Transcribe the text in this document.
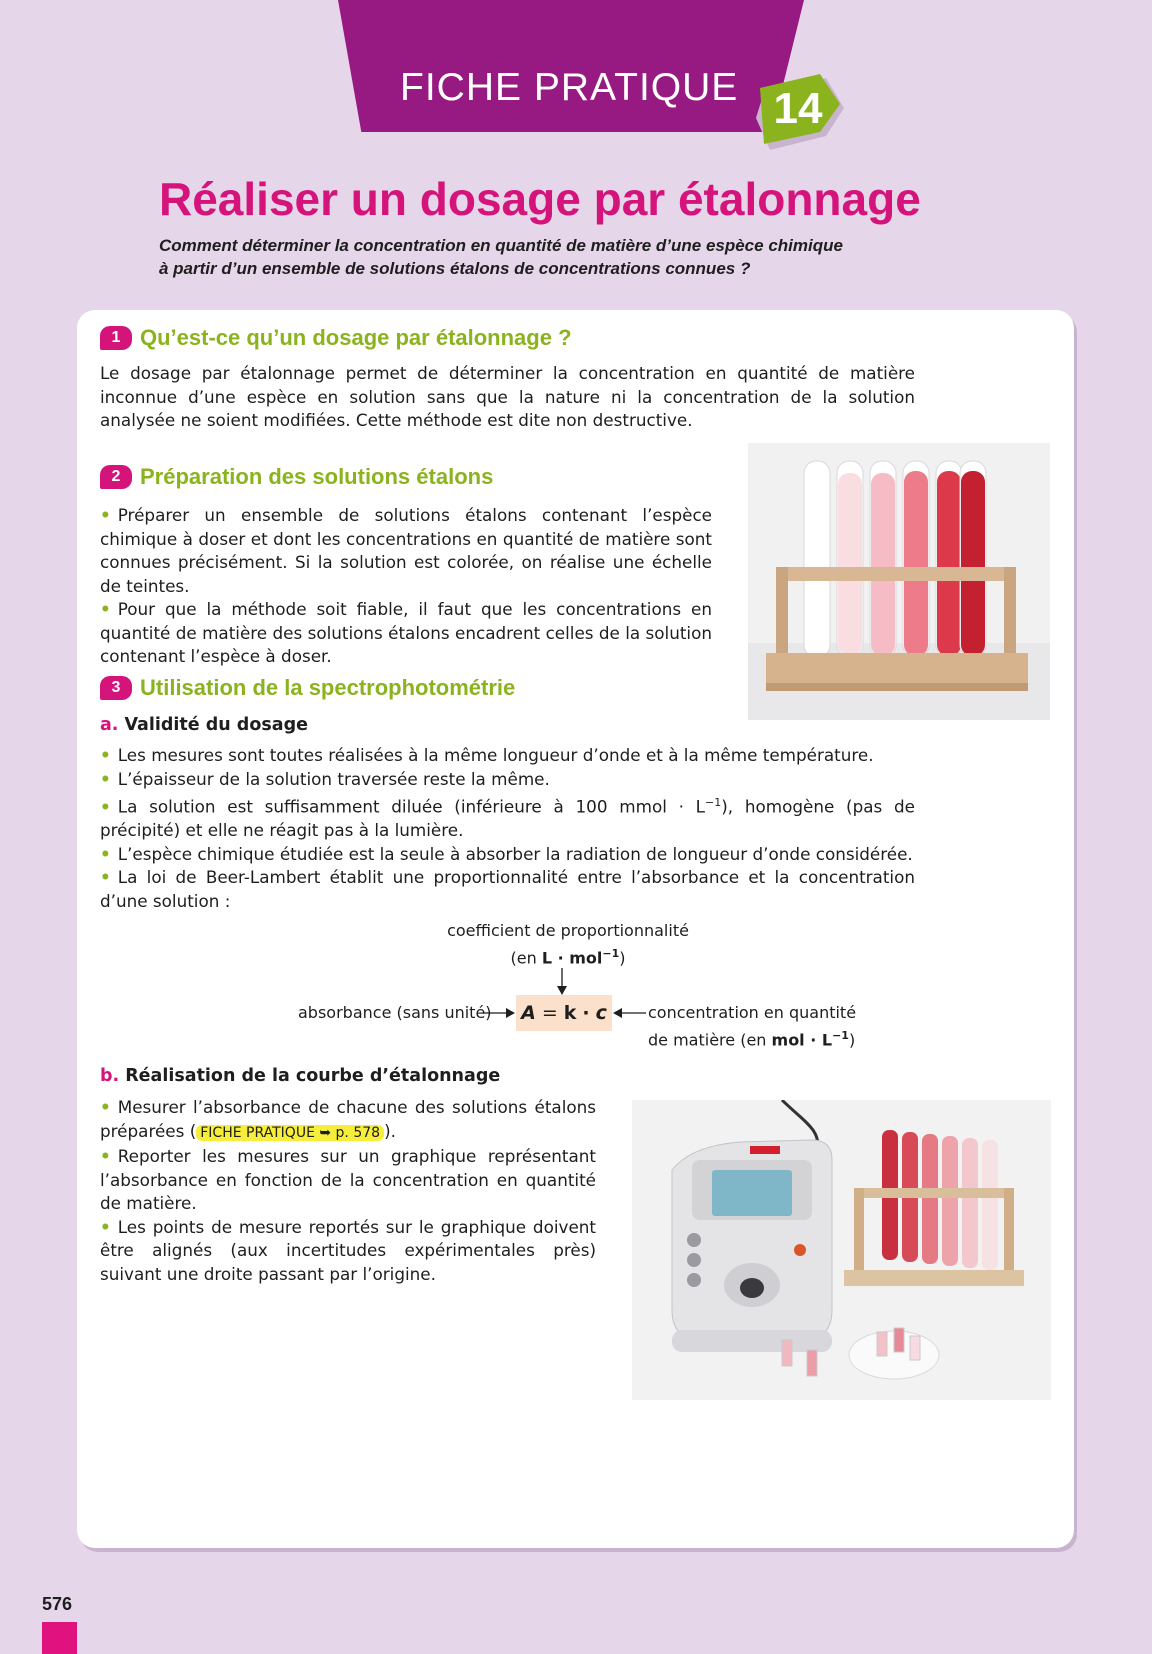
FICHE PRATIQUE 14
Réaliser un dosage par étalonnage
Comment déterminer la concentration en quantité de matière d’une espèce chimique
à partir d’un ensemble de solutions étalons de concentrations connues ?
1 Qu’est-ce qu’un dosage par étalonnage ?

Le dosage par étalonnage permet de déterminer la concentration en quantité de matière inconnue d’une espèce en solution sans que la nature ni la concentration de la solution analysée ne soient modifiées. Cette méthode est dite non destructive.

2 Préparation des solutions étalons

• Préparer un ensemble de solutions étalons contenant l’espèce chimique à doser et dont les concentrations en quantité de matière sont connues précisément. Si la solution est colorée, on réalise une échelle de teintes.

• Pour que la méthode soit fiable, il faut que les concentrations en quantité de matière des solutions étalons encadrent celles de la solution contenant l’espèce à doser.

3 Utilisation de la spectrophotométrie
a. Validité du dosage

• Les mesures sont toutes réalisées à la même longueur d’onde et à la même température.

• L’épaisseur de la solution traversée reste la même.

• La solution est suffisamment diluée (inférieure à 100 mmol · $L^{-1}$), homogène (pas de précipité) et elle ne réagit pas à la lumière.

• L’espèce chimique étudiée est la seule à absorber la radiation de longueur d’onde considérée.

• La loi de Beer-Lambert établit une proportionnalité entre l’absorbance et la concentration d’une solution :

coefficient de proportionnalité
(en L · mol$^{-1}$)
absorbance (sans unité) A = k · c	concentration en quantité
de matière (en mol · $L^{-1}$)
b. Réalisation de la courbe d’étalonnage

• Mesurer l’absorbance de chacune des solutions étalons préparées ( FICHE PRATIQUE ➥ p. 578 ).

• Reporter les mesures sur un graphique représentant l’absorbance en fonction de la concentration en quantité de matière.

• Les points de mesure reportés sur le graphique doivent être alignés (aux incertitudes expérimentales près) suivant une droite passant par l’origine.

576
